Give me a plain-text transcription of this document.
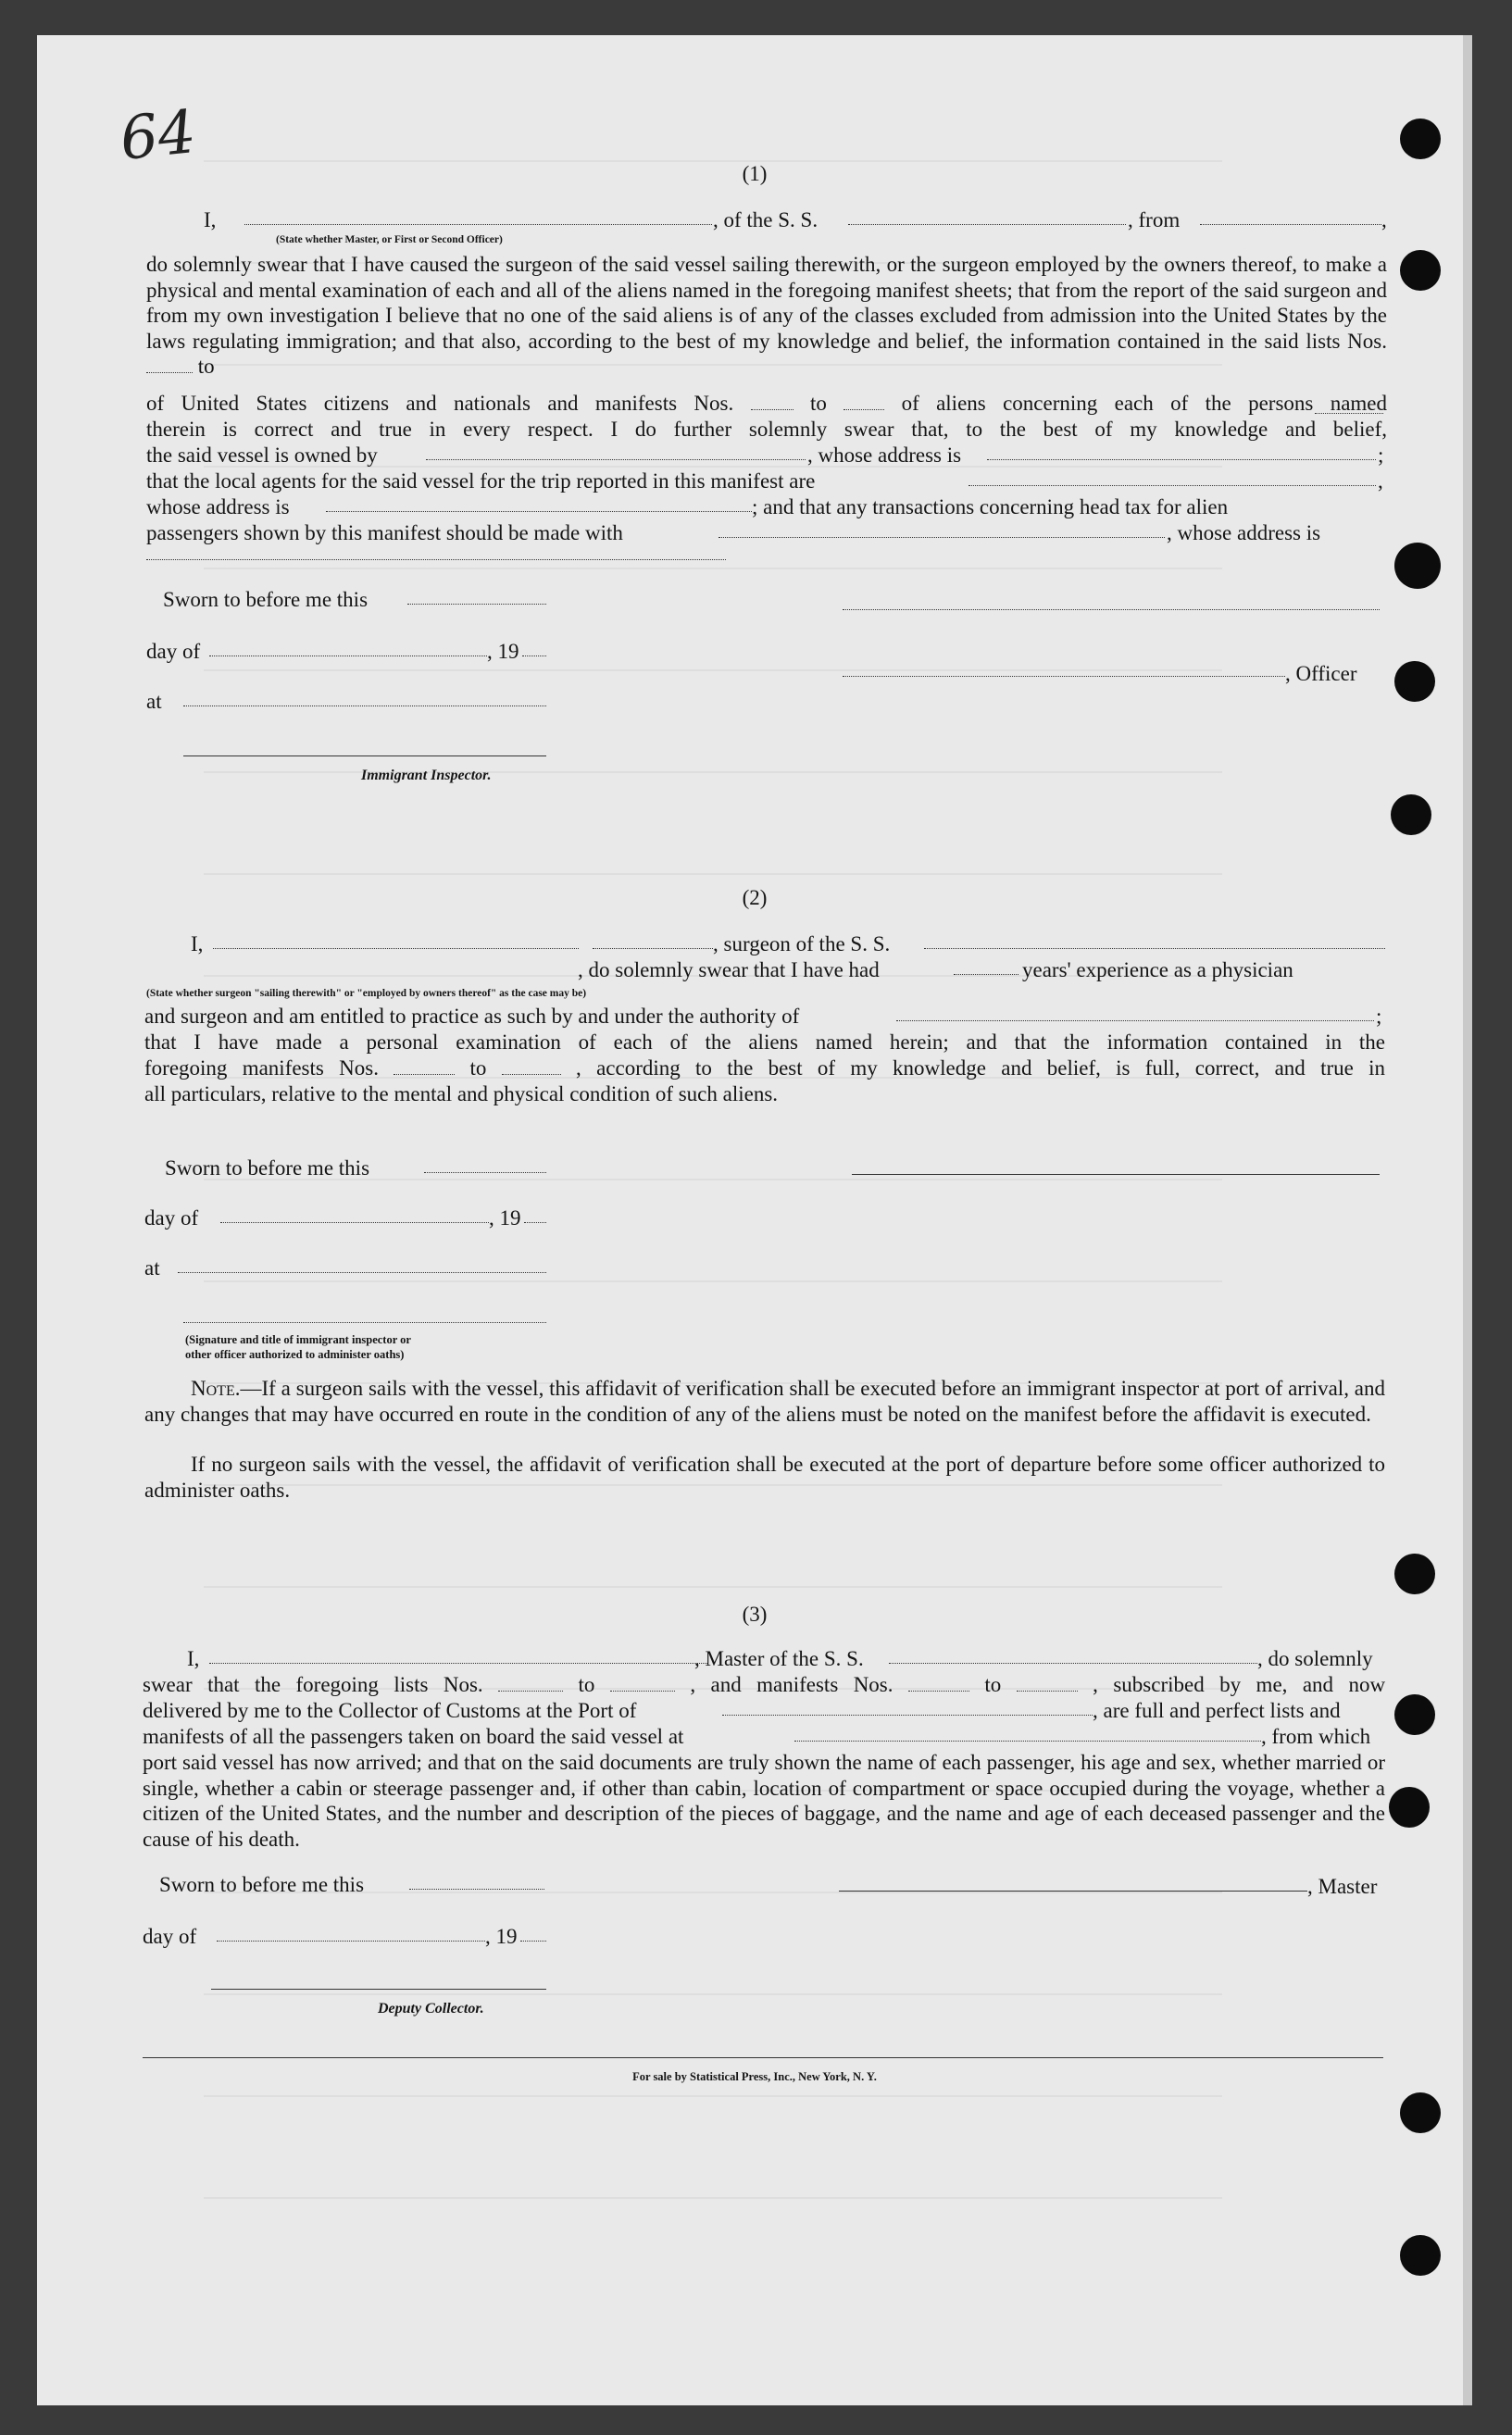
64	(1)
I,	, of the S. S.	, from	,
(State whether Master, or First or Second Officer)
do solemnly swear that I have caused the surgeon of the said vessel sailing therewith, or the surgeon employed by the owners thereof, to make a physical and mental examination of each and all of the aliens named in the foregoing manifest sheets; that from the report of the said surgeon and from my own investigation I believe that no one of the said aliens is of any of the classes excluded from admission into the United States by the laws regulating immigration; and that also, according to the best of my knowledge and belief, the information contained in the said lists Nos.  to
of United States citizens and nationals and manifests Nos.	to	of aliens concerning each of the persons named
therein is correct and true in every respect. I do further solemnly swear that, to the best of my knowledge and belief,
the said vessel is owned by	, whose address is	;
that the local agents for the said vessel for the trip reported in this manifest are	,
whose address is	; and that any transactions concerning head tax for alien
passengers shown by this manifest should be made with	, whose address is
Sworn to before me this
day of	, 19
, Officer
at
Immigrant Inspector.
(2)
I,	, surgeon of the S. S.
(State whether surgeon "sailing therewith" or "employed by owners thereof" as the case may be)
, do solemnly swear that I have had	years' experience as a physician
and surgeon and am entitled to practice as such by and under the authority of	;
that I have made a personal examination of each of the aliens named herein; and that the information contained in the
foregoing manifests Nos.	to	, according to the best of my knowledge and belief, is full, correct, and true in
all particulars, relative to the mental and physical condition of such aliens.
Sworn to before me this
day of	, 19
at
(Signature and title of immigrant inspector or
other officer authorized to administer oaths)
Note.—If a surgeon sails with the vessel, this affidavit of verification shall be executed before an immigrant inspector at port of arrival, and any changes that may have occurred en route in the condition of any of the aliens must be noted on the manifest before the affidavit is executed.
If no surgeon sails with the vessel, the affidavit of verification shall be executed at the port of departure before some officer authorized to administer oaths.
(3)
I,	, Master of the S. S.	, do solemnly
swear that the foregoing lists Nos.	to	, and manifests Nos.	to	, subscribed by me, and now
delivered by me to the Collector of Customs at the Port of	, are full and perfect lists and
manifests of all the passengers taken on board the said vessel at	, from which
port said vessel has now arrived; and that on the said documents are truly shown the name of each passenger, his age and sex, whether married or single, whether a cabin or steerage passenger and, if other than cabin, location of compartment or space occupied during the voyage, whether a citizen of the United States, and the number and description of the pieces of baggage, and the name and age of each deceased passenger and the cause of his death.
Sworn to before me this	, Master
day of	, 19
Deputy Collector.
For sale by Statistical Press, Inc., New York, N. Y.
